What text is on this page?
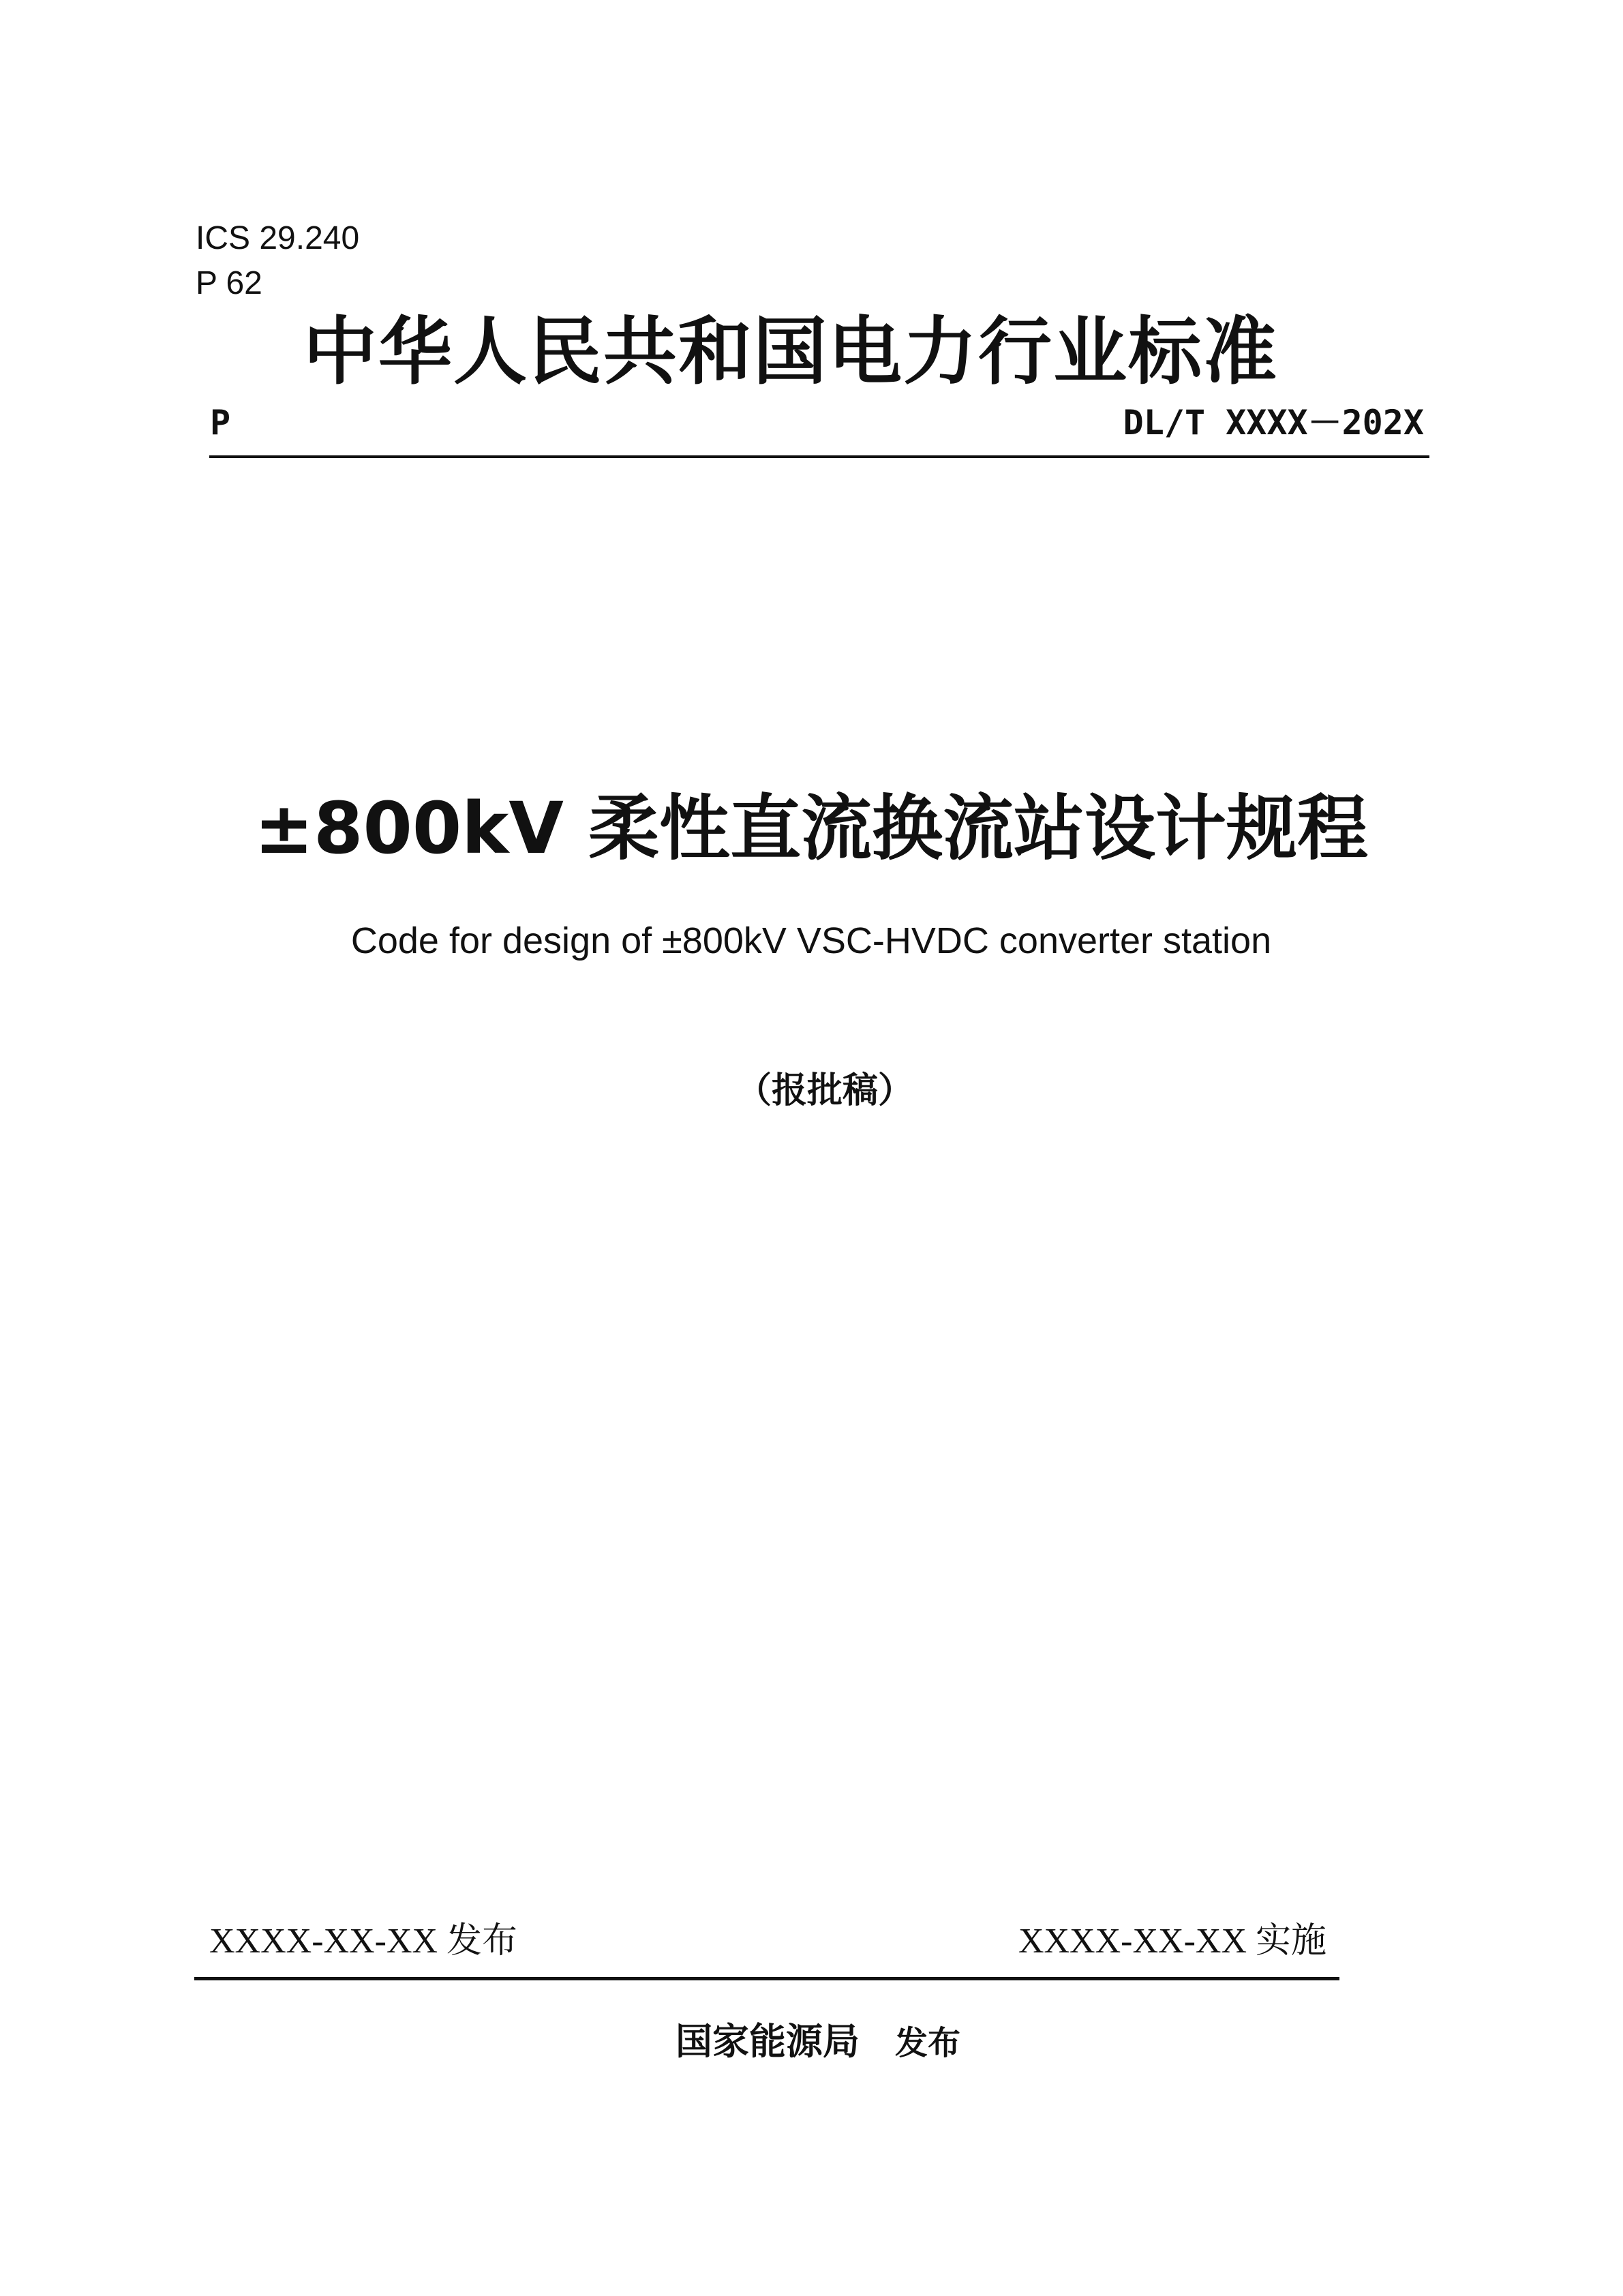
ICS 29.240
P 62
中华人民共和国电力行业标准
P	DL/T XXXX－202X
±800kV 柔性直流换流站设计规程
Code for design of ±800kV VSC-HVDC converter station
（报批稿）
XXXX-XX-XX 发布	XXXX-XX-XX 实施
国家能源局 发布
